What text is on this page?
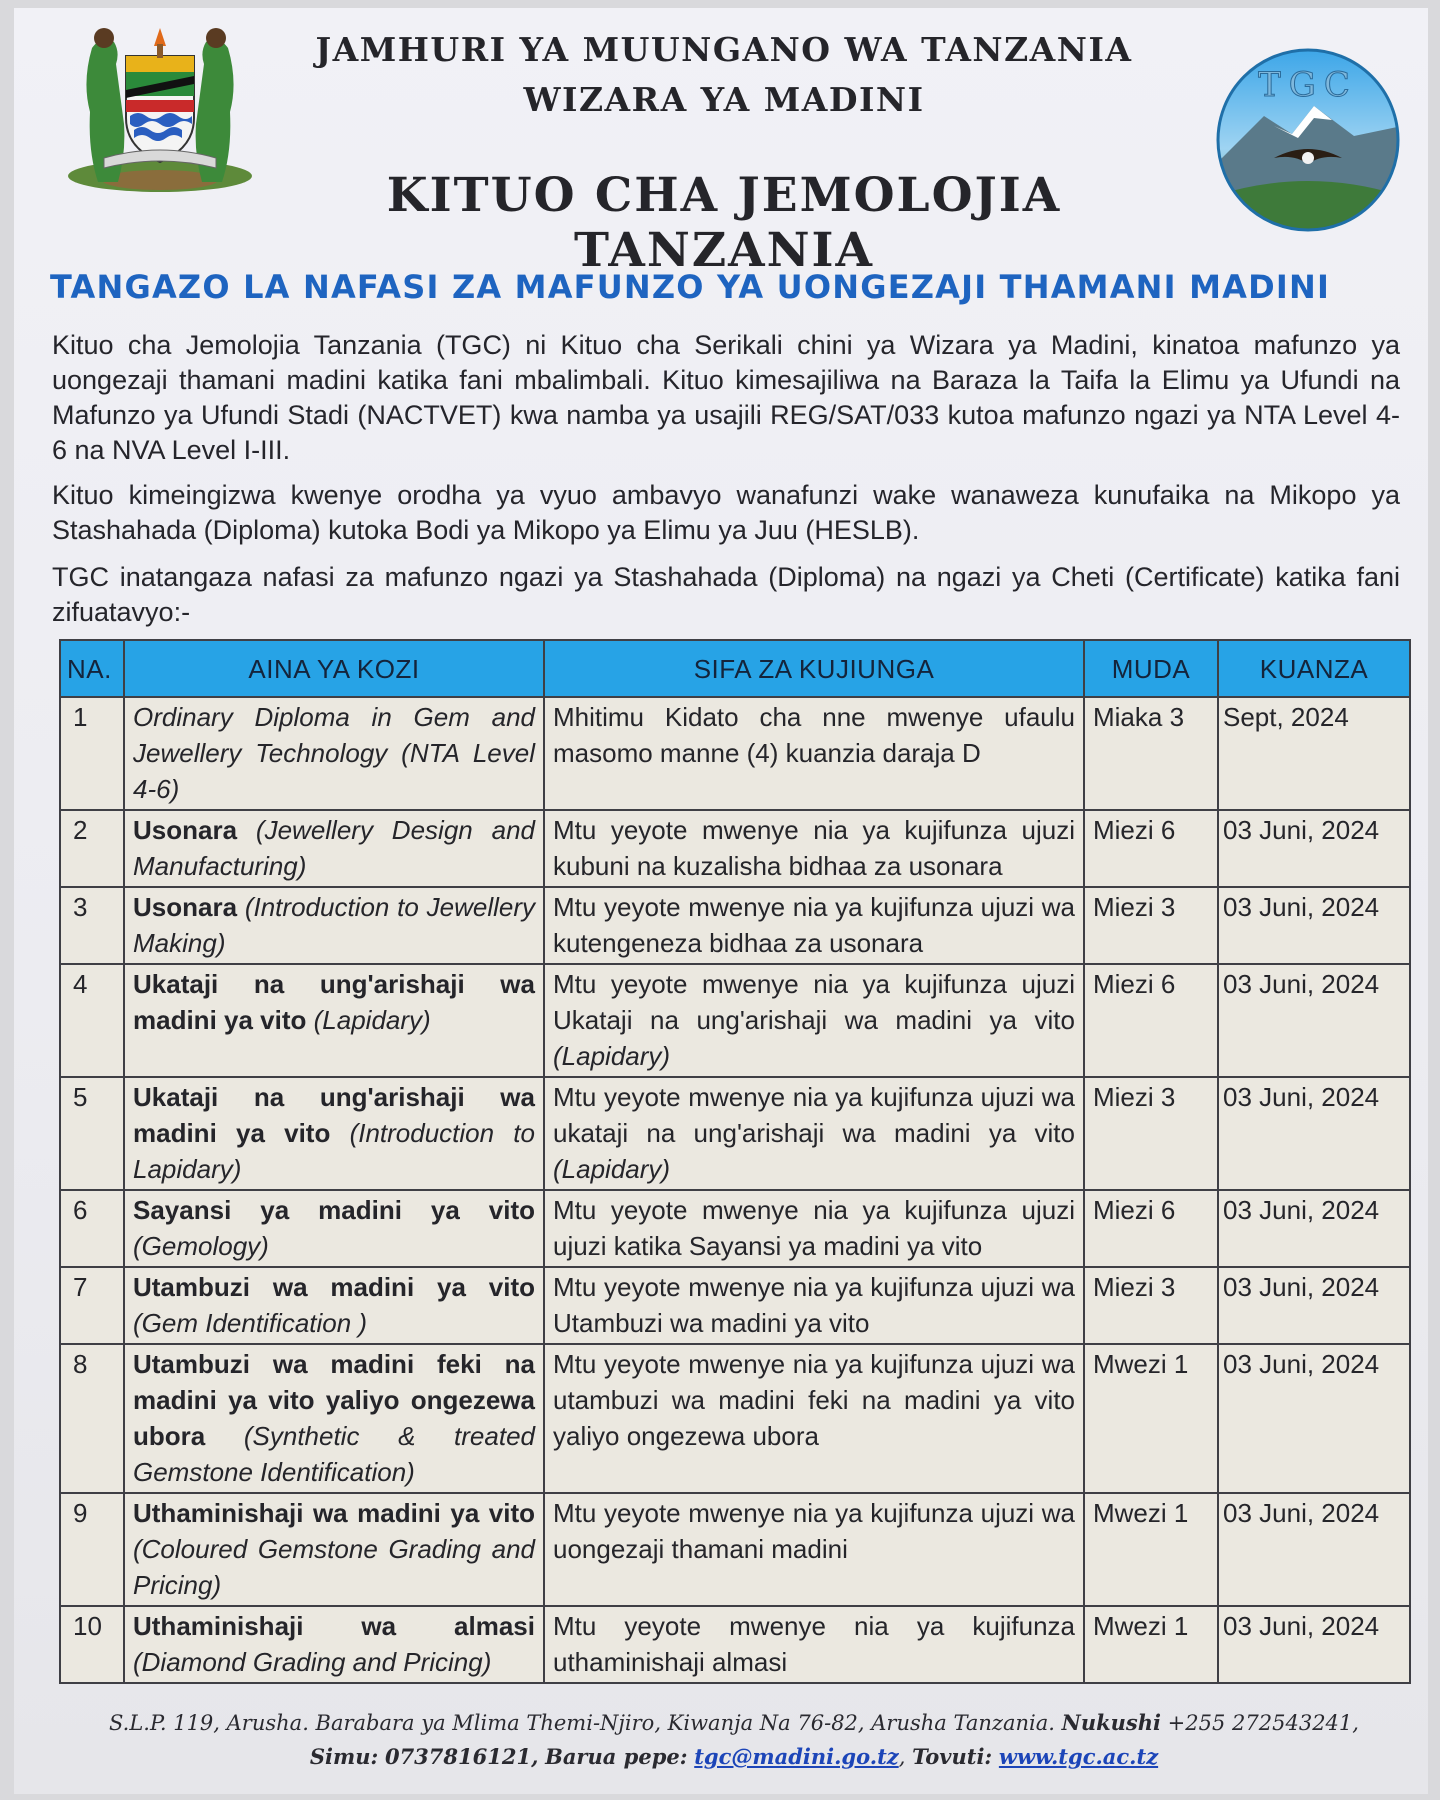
JAMHURI YA MUUNGANO WA TANZANIA
WIZARA YA MADINI
KITUO CHA JEMOLOJIA TANZANIA
TGC
TANGAZO LA NAFASI ZA MAFUNZO YA UONGEZAJI THAMANI MADINI

Kituo cha Jemolojia Tanzania (TGC) ni Kituo cha Serikali chini ya Wizara ya Madini, kinatoa mafunzo ya uongezaji thamani madini katika fani mbalimbali. Kituo kimesajiliwa na Baraza la Taifa la Elimu ya Ufundi na Mafunzo ya Ufundi Stadi (NACTVET) kwa namba ya usajili REG/SAT/033 kutoa mafunzo ngazi ya NTA Level 4-6 na NVA Level I-III.

Kituo kimeingizwa kwenye orodha ya vyuo ambavyo wanafunzi wake wanaweza kunufaika na Mikopo ya Stashahada (Diploma) kutoka Bodi ya Mikopo ya Elimu ya Juu (HESLB).

TGC inatangaza nafasi za mafunzo ngazi ya Stashahada (Diploma) na ngazi ya Cheti (Certificate) katika fani zifuatavyo:-

NA.	AINA YA KOZI	SIFA ZA KUJIUNGA	MUDA	KUANZA
1	Ordinary Diploma in Gem and Jewellery Technology (NTA Level 4-6)	Mhitimu Kidato cha nne mwenye ufaulu masomo manne (4) kuanzia daraja D	Miaka 3	Sept, 2024
2	Usonara (Jewellery Design and Manufacturing)	Mtu yeyote mwenye nia ya kujifunza ujuzi kubuni na kuzalisha bidhaa za usonara	Miezi 6	03 Juni, 2024
3	Usonara (Introduction to Jewellery Making)	Mtu yeyote mwenye nia ya kujifunza ujuzi wa kutengeneza bidhaa za usonara	Miezi 3	03 Juni, 2024
4	Ukataji na ung'arishaji wa madini ya vito (Lapidary)	Mtu yeyote mwenye nia ya kujifunza ujuzi Ukataji na ung'arishaji wa madini ya vito (Lapidary)	Miezi 6	03 Juni, 2024
5	Ukataji na ung'arishaji wa madini ya vito (Introduction to Lapidary)	Mtu yeyote mwenye nia ya kujifunza ujuzi wa ukataji na ung'arishaji wa madini ya vito (Lapidary)	Miezi 3	03 Juni, 2024
6	Sayansi ya madini ya vito (Gemology)	Mtu yeyote mwenye nia ya kujifunza ujuzi ujuzi katika Sayansi ya madini ya vito	Miezi 6	03 Juni, 2024
7	Utambuzi wa madini ya vito (Gem Identification )	Mtu yeyote mwenye nia ya kujifunza ujuzi wa Utambuzi wa madini ya vito	Miezi 3	03 Juni, 2024
8	Utambuzi wa madini feki na madini ya vito yaliyo ongezewa ubora (Synthetic & treated Gemstone Identification)	Mtu yeyote mwenye nia ya kujifunza ujuzi wa utambuzi wa madini feki na madini ya vito yaliyo ongezewa ubora	Mwezi 1	03 Juni, 2024
9	Uthaminishaji wa madini ya vito (Coloured Gemstone Grading and Pricing)	Mtu yeyote mwenye nia ya kujifunza ujuzi wa uongezaji thamani madini	Mwezi 1	03 Juni, 2024
10	Uthaminishaji wa almasi (Diamond Grading and Pricing)	Mtu yeyote mwenye nia ya kujifunza uthaminishaji almasi	Mwezi 1	03 Juni, 2024
S.L.P. 119, Arusha. Barabara ya Mlima Themi-Njiro, Kiwanja Na 76-82, Arusha Tanzania. Nukushi +255 272543241,
Simu: 0737816121, Barua pepe: tgc@madini.go.tz, Tovuti: www.tgc.ac.tz
